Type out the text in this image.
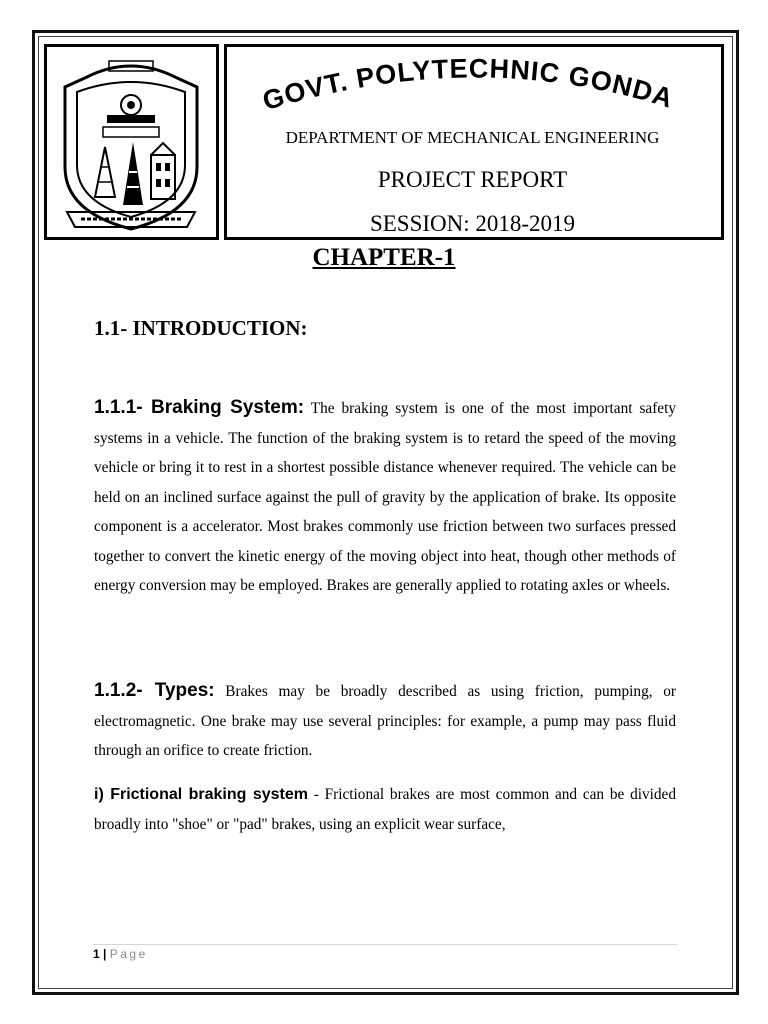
~~~~
GOVT. POLYTECHNIC GONDA
DEPARTMENT OF MECHANICAL ENGINEERING
PROJECT REPORT
SESSION: 2018-2019
CHAPTER-1
1.1- INTRODUCTION:
1.1.1- Braking System: The braking system is one of the most important safety systems in a vehicle. The function of the braking system is to retard the speed of the moving vehicle or bring it to rest in a shortest possible distance whenever required. The vehicle can be held on an inclined surface against the pull of gravity by the application of brake. Its opposite component is a accelerator. Most brakes commonly use friction between two surfaces pressed together to convert the kinetic energy of the moving object into heat, though other methods of energy conversion may be employed. Brakes are generally applied to rotating axles or wheels.
1.1.2- Types: Brakes may be broadly described as using friction, pumping, or electromagnetic. One brake may use several principles: for example, a pump may pass fluid through an orifice to create friction.
i) Frictional braking system - Frictional brakes are most common and can be divided broadly into "shoe" or "pad" brakes, using an explicit wear surface,
1 | Page
